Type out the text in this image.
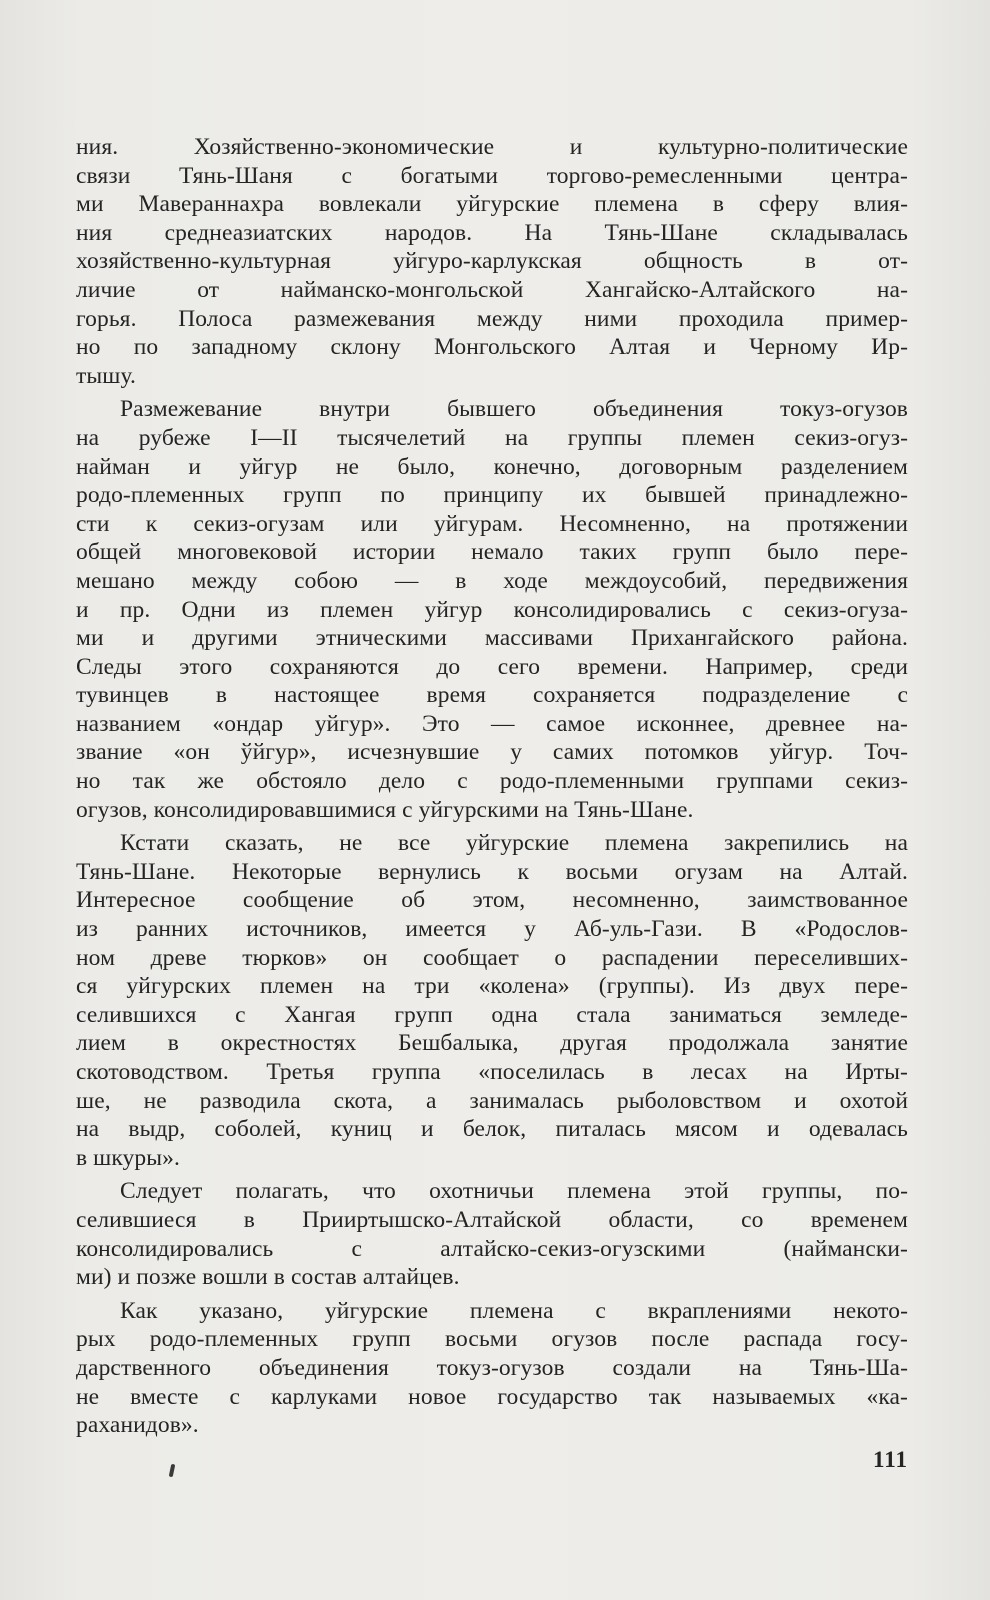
ния. Хозяйственно-экономические и культурно-политические
связи Тянь-Шаня с богатыми торгово-ремесленными центра-
ми Мавераннахра вовлекали уйгурские племена в сферу влия-
ния среднеазиатских народов. На Тянь-Шане складывалась
хозяйственно-культурная уйгуро-карлукская общность в от-
личие от найманско-монгольской Хангайско-Алтайского на-
горья. Полоса размежевания между ними проходила пример-
но по западному склону Монгольского Алтая и Черному Ир-
тышу.
Размежевание внутри бывшего объединения токуз-огузов
на рубеже I—II тысячелетий на группы племен секиз-огуз-
найман и уйгур не было, конечно, договорным разделением
родо-племенных групп по принципу их бывшей принадлежно-
сти к секиз-огузам или уйгурам. Несомненно, на протяжении
общей многовековой истории немало таких групп было пере-
мешано между собою — в ходе междоусобий, передвижения
и пр. Одни из племен уйгур консолидировались с секиз-огуза-
ми и другими этническими массивами Прихангайского района.
Следы этого сохраняются до сего времени. Например, среди
тувинцев в настоящее время сохраняется подразделение с
названием «ондар уйгур». Это — самое исконнее, древнее на-
звание «он ўйгур», исчезнувшие у самих потомков уйгур. Точ-
но так же обстояло дело с родо-племенными группами секиз-
огузов, консолидировавшимися с уйгурскими на Тянь-Шане.
Кстати сказать, не все уйгурские племена закрепились на
Тянь-Шане. Некоторые вернулись к восьми огузам на Алтай.
Интересное сообщение об этом, несомненно, заимствованное
из ранних источников, имеется у Аб-уль-Гази. В «Родослов-
ном древе тюрков» он сообщает о распадении переселивших-
ся уйгурских племен на три «колена» (группы). Из двух пере-
селившихся с Хангая групп одна стала заниматься земледе-
лием в окрестностях Бешбалыка, другая продолжала занятие
скотоводством. Третья группа «поселилась в лесах на Ирты-
ше, не разводила скота, а занималась рыболовством и охотой
на выдр, соболей, куниц и белок, питалась мясом и одевалась
в шкуры».
Следует полагать, что охотничьи племена этой группы, по-
селившиеся в Прииртышско-Алтайской области, со временем
консолидировались с алтайско-секиз-огузскими (наймански-
ми) и позже вошли в состав алтайцев.
Как указано, уйгурские племена с вкраплениями некото-
рых родо-племенных групп восьми огузов после распада госу-
дарственного объединения токуз-огузов создали на Тянь-Ша-
не вместе с карлуками новое государство так называемых «ка-
раханидов».
111
